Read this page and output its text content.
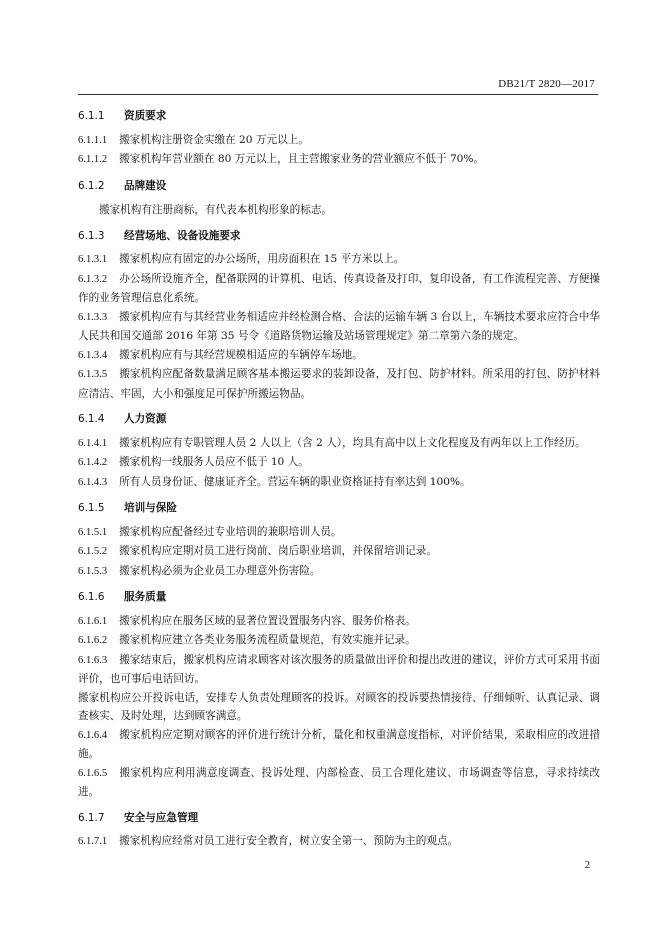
DB21/T 2820—2017
6.1.1	资质要求
6.1.1.1 搬家机构注册资金实缴在 20 万元以上。
6.1.1.2 搬家机构年营业额在 80 万元以上，且主营搬家业务的营业额应不低于 70%。
6.1.2	品牌建设
搬家机构有注册商标，有代表本机构形象的标志。
6.1.3	经营场地、设备设施要求
6.1.3.1 搬家机构应有固定的办公场所，用房面积在 15 平方米以上。
6.1.3.2 办公场所设施齐全，配备联网的计算机、电话、传真设备及打印、复印设备，有工作流程完善、方便操作的业务管理信息化系统。
6.1.3.3 搬家机构应有与其经营业务相适应并经检测合格、合法的运输车辆 3 台以上，车辆技术要求应符合中华人民共和国交通部 2016 年第 35 号令《道路货物运输及站场管理规定》第二章第六条的规定。
6.1.3.4 搬家机构应有与其经营规模相适应的车辆停车场地。
6.1.3.5 搬家机构应配备数量满足顾客基本搬运要求的装卸设备，及打包、防护材料。所采用的打包、防护材料应清洁、牢固，大小和强度足可保护所搬运物品。
6.1.4	人力资源
6.1.4.1 搬家机构应有专职管理人员 2 人以上（含 2 人），均具有高中以上文化程度及有两年以上工作经历。
6.1.4.2 搬家机构一线服务人员应不低于 10 人。
6.1.4.3 所有人员身份证、健康证齐全。营运车辆的职业资格证持有率达到 100%。
6.1.5	培训与保险
6.1.5.1 搬家机构应配备经过专业培训的兼职培训人员。
6.1.5.2 搬家机构应定期对员工进行岗前、岗后职业培训，并保留培训记录。
6.1.5.3 搬家机构必须为企业员工办理意外伤害险。
6.1.6	服务质量
6.1.6.1 搬家机构应在服务区域的显著位置设置服务内容、服务价格表。
6.1.6.2 搬家机构应建立各类业务服务流程质量规范，有效实施并记录。
6.1.6.3 搬家结束后，搬家机构应请求顾客对该次服务的质量做出评价和提出改进的建议，评价方式可采用书面评价，也可事后电话回访。
搬家机构应公开投诉电话，安排专人负责处理顾客的投诉。对顾客的投诉要热情接待、仔细倾听、认真记录、调查核实、及时处理，达到顾客满意。
6.1.6.4 搬家机构应定期对顾客的评价进行统计分析，量化和权重满意度指标，对评价结果，采取相应的改进措施。
6.1.6.5 搬家机构应利用满意度调查、投诉处理、内部检查、员工合理化建议、市场调查等信息，寻求持续改进。
6.1.7	安全与应急管理
6.1.7.1 搬家机构应经常对员工进行安全教育，树立安全第一、预防为主的观点。
2
